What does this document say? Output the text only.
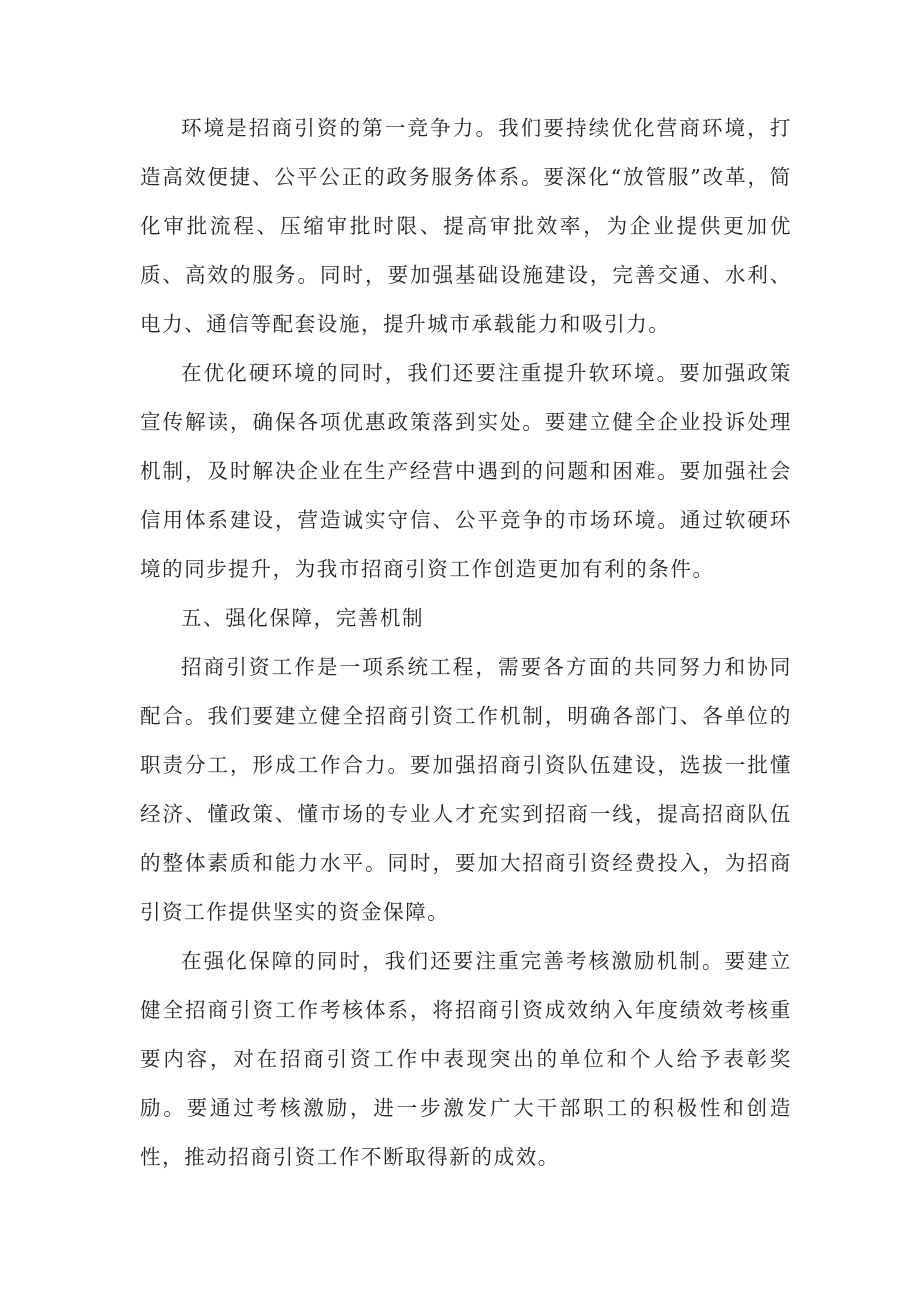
环境是招商引资的第一竞争力。我们要持续优化营商环境，打造高效便捷、公平公正的政务服务体系。要深化“放管服”改革，简化审批流程、压缩审批时限、提高审批效率，为企业提供更加优质、高效的服务。同时，要加强基础设施建设，完善交通、水利、电力、通信等配套设施，提升城市承载能力和吸引力。

在优化硬环境的同时，我们还要注重提升软环境。要加强政策宣传解读，确保各项优惠政策落到实处。要建立健全企业投诉处理机制，及时解决企业在生产经营中遇到的问题和困难。要加强社会信用体系建设，营造诚实守信、公平竞争的市场环境。通过软硬环境的同步提升，为我市招商引资工作创造更加有利的条件。

五、强化保障，完善机制

招商引资工作是一项系统工程，需要各方面的共同努力和协同配合。我们要建立健全招商引资工作机制，明确各部门、各单位的职责分工，形成工作合力。要加强招商引资队伍建设，选拔一批懂经济、懂政策、懂市场的专业人才充实到招商一线，提高招商队伍的整体素质和能力水平。同时，要加大招商引资经费投入，为招商引资工作提供坚实的资金保障。

在强化保障的同时，我们还要注重完善考核激励机制。要建立健全招商引资工作考核体系，将招商引资成效纳入年度绩效考核重要内容，对在招商引资工作中表现突出的单位和个人给予表彰奖励。要通过考核激励，进一步激发广大干部职工的积极性和创造性，推动招商引资工作不断取得新的成效。
